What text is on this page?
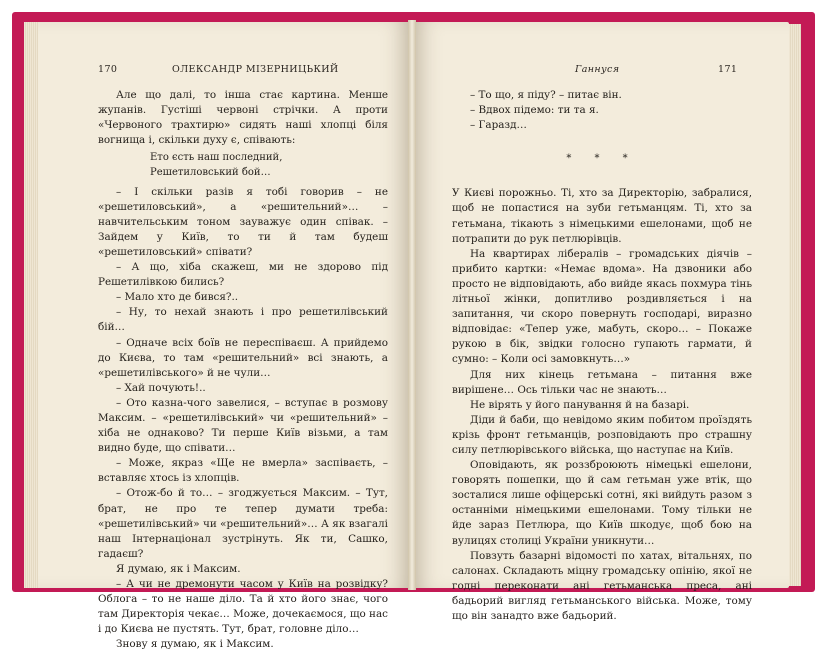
170	ОЛЕКСАНДР МІЗЕРНИЦЬКИЙ	Ганнуся	171

Але що далі, то інша стає картина. Менше жупанів. Густіші червоні стрічки. А проти «Червоного трахтирю» сидять наші хлопці біля вогнища і, скільки духу є, співають:

Ето єсть наш последний,
Решетиловський бой…

– І скільки разів я тобі говорив – не «решетиловський», а «решительний»… – навчительським тоном зауважує один співак. – Зайдем у Київ, то ти й там будеш «решетиловський» співати?

– А що, хіба скажеш, ми не здорово під Решетилівкою бились?

– Мало хто де бився?..

– Ну, то нехай знають і про решетилівський бій…

– Одначе всіх боїв не переспіваєш. А прийдемо до Києва, то там «решительний» всі знають, а «решетилівського» й не чули…

– Хай почують!..

– Ото казна-чого завелися, – вступає в розмову Максим. – «решетилівський» чи «решительний» – хіба не однаково? Ти перше Київ візьми, а там видно буде, що співати…

– Може, якраз «Ще не вмерла» заспіваєть, – вставляє хтось із хлопців.

– Отож-бо й то… – згоджується Максим. – Тут, брат, не про те тепер думати треба: «решетилівський» чи «решительний»… А як взагалі наш Інтернаціонал зустрінуть. Як ти, Сашко, гадаєш?

Я думаю, як і Максим.

– А чи не дремонути часом у Київ на розвідку? Облога – то не наше діло. Та й хто його знає, чого там Директорія чекає… Може, дочекаємося, що нас і до Києва не пустять. Тут, брат, головне діло…

Знову я думаю, як і Максим.

– То що, я піду? – питає він.

– Вдвох підемо: ти та я.

– Гаразд…

* * *

У Києві порожньо. Ті, хто за Директорію, забралися, щоб не попастися на зуби гетьманцям. Ті, хто за гетьмана, тікають з німецькими ешелонами, щоб не потрапити до рук петлюрівців.

На квартирах лібералів – громадських діячів – прибито картки: «Немає вдома». На дзвоники або просто не відповідають, або вийде якась похмура тінь літньої жінки, допитливо роздивляється і на запитання, чи скоро повернуть господарі, виразно відповідає: «Тепер уже, мабуть, скоро… – Покаже рукою в бік, звідки голосно гупають гармати, й сумно: – Коли осі замовкнуть…»

Для них кінець гетьмана – питання вже вирішене… Ось тільки час не знають…

Не вірять у його панування й на базарі.

Діди й баби, що невідомо яким побитом проїздять крізь фронт гетьманців, розповідають про страшну силу петлюрівського війська, що наступає на Київ.

Оповідають, як роззброюють німецькі ешелони, говорять пошепки, що й сам гетьман уже втік, що зосталися лише офіцерські сотні, які вийдуть разом з останніми німецькими ешелонами. Тому тільки не йде зараз Петлюра, що Київ шкодує, щоб бою на вулицях столиці України уникнути…

Повзуть базарні відомості по хатах, вітальнях, по салонах. Складають міцну громадську опінію, якої не годні переконати ані гетьманська преса, ані бадьорий вигляд гетьманського війська. Може, тому що він занадто вже бадьорий.
